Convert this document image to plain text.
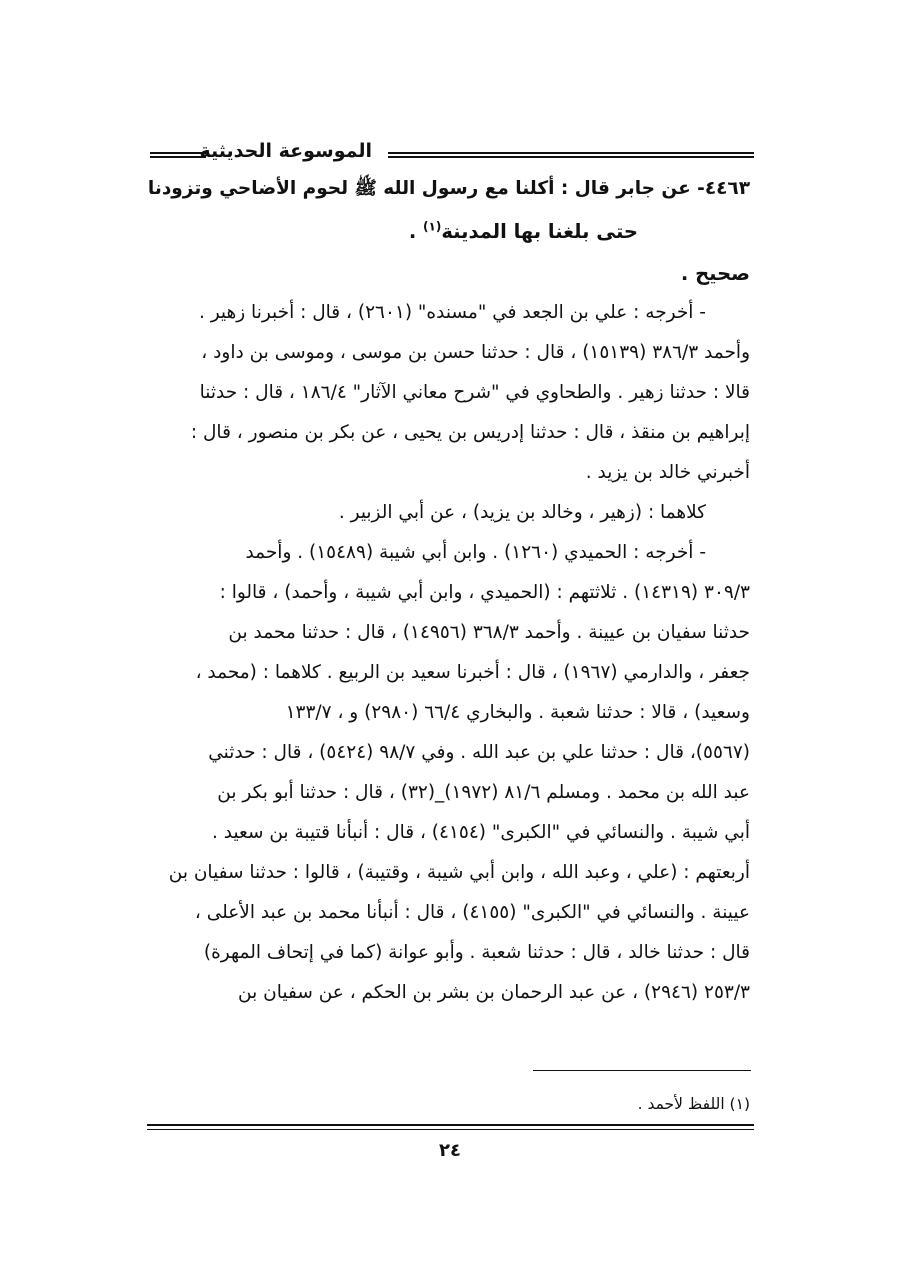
الموسوعة الحديثية
٤٤٦٣- عن جابر قال : أكلنا مع رسول الله ﷺ لحوم الأضاحي وتزودنا
حتى بلغنا بها المدينة$^{(١)}$ .
صحيح .
- أخرجه : علي بن الجعد في "مسنده" (٢٦٠١) ، قال : أخبرنا زهير .
وأحمد ٣٨٦/٣ (١٥١٣٩) ، قال : حدثنا حسن بن موسى ، وموسى بن داود ،
قالا : حدثنا زهير . والطحاوي في "شرح معاني الآثار" ١٨٦/٤ ، قال : حدثنا
إبراهيم بن منقذ ، قال : حدثنا إدريس بن يحيى ، عن بكر بن منصور ، قال :
أخبرني خالد بن يزيد .
كلاهما : (زهير ، وخالد بن يزيد) ، عن أبي الزبير .
- أخرجه : الحميدي (١٢٦٠) . وابن أبي شيبة (١٥٤٨٩) . وأحمد
٣٠٩/٣ (١٤٣١٩) . ثلاثتهم : (الحميدي ، وابن أبي شيبة ، وأحمد) ، قالوا :
حدثنا سفيان بن عيينة . وأحمد ٣٦٨/٣ (١٤٩٥٦) ، قال : حدثنا محمد بن
جعفر ، والدارمي (١٩٦٧) ، قال : أخبرنا سعيد بن الربيع . كلاهما : (محمد ،
وسعيد) ، قالا : حدثنا شعبة . والبخاري ٦٦/٤ (٢٩٨٠) و ، ١٣٣/٧
(٥٥٦٧)، قال : حدثنا علي بن عبد الله . وفي ٩٨/٧ (٥٤٢٤) ، قال : حدثني
عبد الله بن محمد . ومسلم ٨١/٦ (١٩٧٢)_(٣٢) ، قال : حدثنا أبو بكر بن
أبي شيبة . والنسائي في "الكبرى" (٤١٥٤) ، قال : أنبأنا قتيبة بن سعيد .
أربعتهم : (علي ، وعبد الله ، وابن أبي شيبة ، وقتيبة) ، قالوا : حدثنا سفيان بن
عيينة . والنسائي في "الكبرى" (٤١٥٥) ، قال : أنبأنا محمد بن عبد الأعلى ،
قال : حدثنا خالد ، قال : حدثنا شعبة . وأبو عوانة (كما في إتحاف المهرة)
٢٥٣/٣ (٢٩٤٦) ، عن عبد الرحمان بن بشر بن الحكم ، عن سفيان بن
(١) اللفظ لأحمد .
٢٤
